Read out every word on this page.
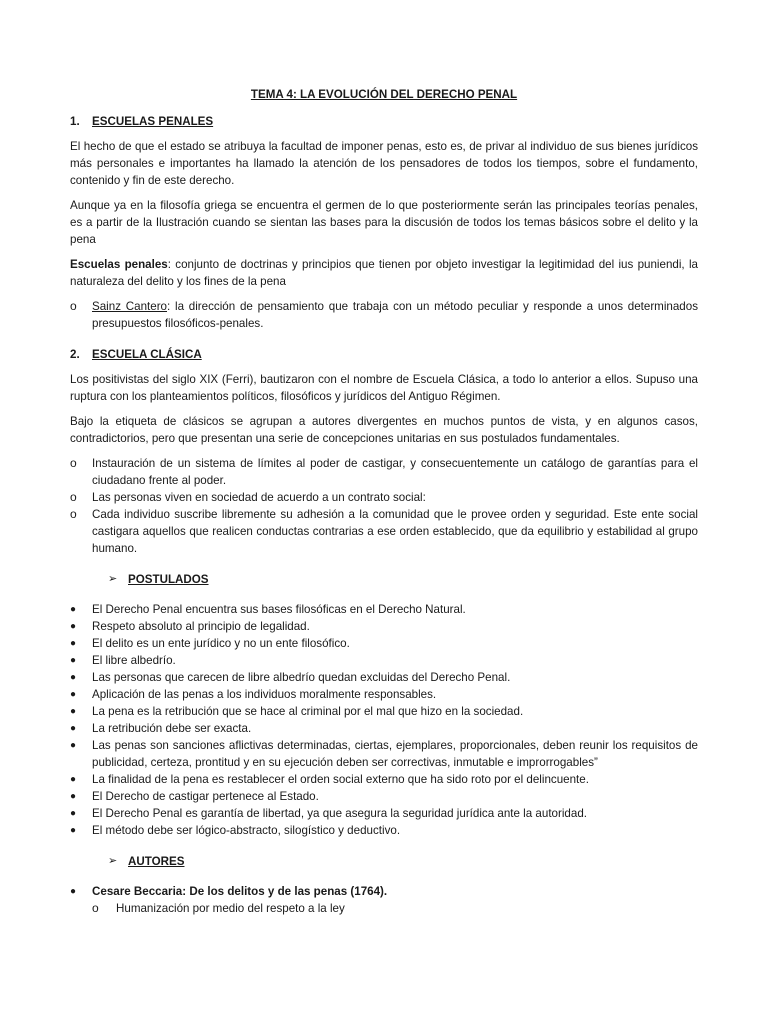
TEMA 4: LA EVOLUCIÓN DEL DERECHO PENAL
1.	ESCUELAS PENALES

El hecho de que el estado se atribuya la facultad de imponer penas, esto es, de privar al individuo de sus bienes jurídicos más personales e importantes ha llamado la atención de los pensadores de todos los tiempos, sobre el fundamento, contenido y fin de este derecho.

Aunque ya en la filosofía griega se encuentra el germen de lo que posteriormente serán las principales teorías penales, es a partir de la Ilustración cuando se sientan las bases para la discusión de todos los temas básicos sobre el delito y la pena

Escuelas penales: conjunto de doctrinas y principios que tienen por objeto investigar la legitimidad del ius puniendi, la naturaleza del delito y los fines de la pena

o	Sainz Cantero: la dirección de pensamiento que trabaja con un método peculiar y responde a unos determinados presupuestos filosóficos-penales.
2.	ESCUELA CLÁSICA

Los positivistas del siglo XIX (Ferri), bautizaron con el nombre de Escuela Clásica, a todo lo anterior a ellos. Supuso una ruptura con los planteamientos políticos, filosóficos y jurídicos del Antiguo Régimen.

Bajo la etiqueta de clásicos se agrupan a autores divergentes en muchos puntos de vista, y en algunos casos, contradictorios, pero que presentan una serie de concepciones unitarias en sus postulados fundamentales.

o	Instauración de un sistema de límites al poder de castigar, y consecuentemente un catálogo de garantías para el ciudadano frente al poder.
o	Las personas viven en sociedad de acuerdo a un contrato social:
o	Cada individuo suscribe libremente su adhesión a la comunidad que le provee orden y seguridad. Este ente social castigara aquellos que realicen conductas contrarias a ese orden establecido, que da equilibrio y estabilidad al grupo humano.
➢ POSTULADOS
●	El Derecho Penal encuentra sus bases filosóficas en el Derecho Natural.
●	Respeto absoluto al principio de legalidad.
●	El delito es un ente jurídico y no un ente filosófico.
●	El libre albedrío.
●	Las personas que carecen de libre albedrío quedan excluidas del Derecho Penal.
●	Aplicación de las penas a los individuos moralmente responsables.
●	La pena es la retribución que se hace al criminal por el mal que hizo en la sociedad.
●	La retribución debe ser exacta.
●	Las penas son sanciones aflictivas determinadas, ciertas, ejemplares, proporcionales, deben reunir los requisitos de publicidad, certeza, prontitud y en su ejecución deben ser correctivas, inmutable e improrrogables”
●	La finalidad de la pena es restablecer el orden social externo que ha sido roto por el delincuente.
●	El Derecho de castigar pertenece al Estado.
●	El Derecho Penal es garantía de libertad, ya que asegura la seguridad jurídica ante la autoridad.
●	El método debe ser lógico-abstracto, silogístico y deductivo.
➢ AUTORES
●	Cesare Beccaria: De los delitos y de las penas (1764).
o	Humanización por medio del respeto a la ley
